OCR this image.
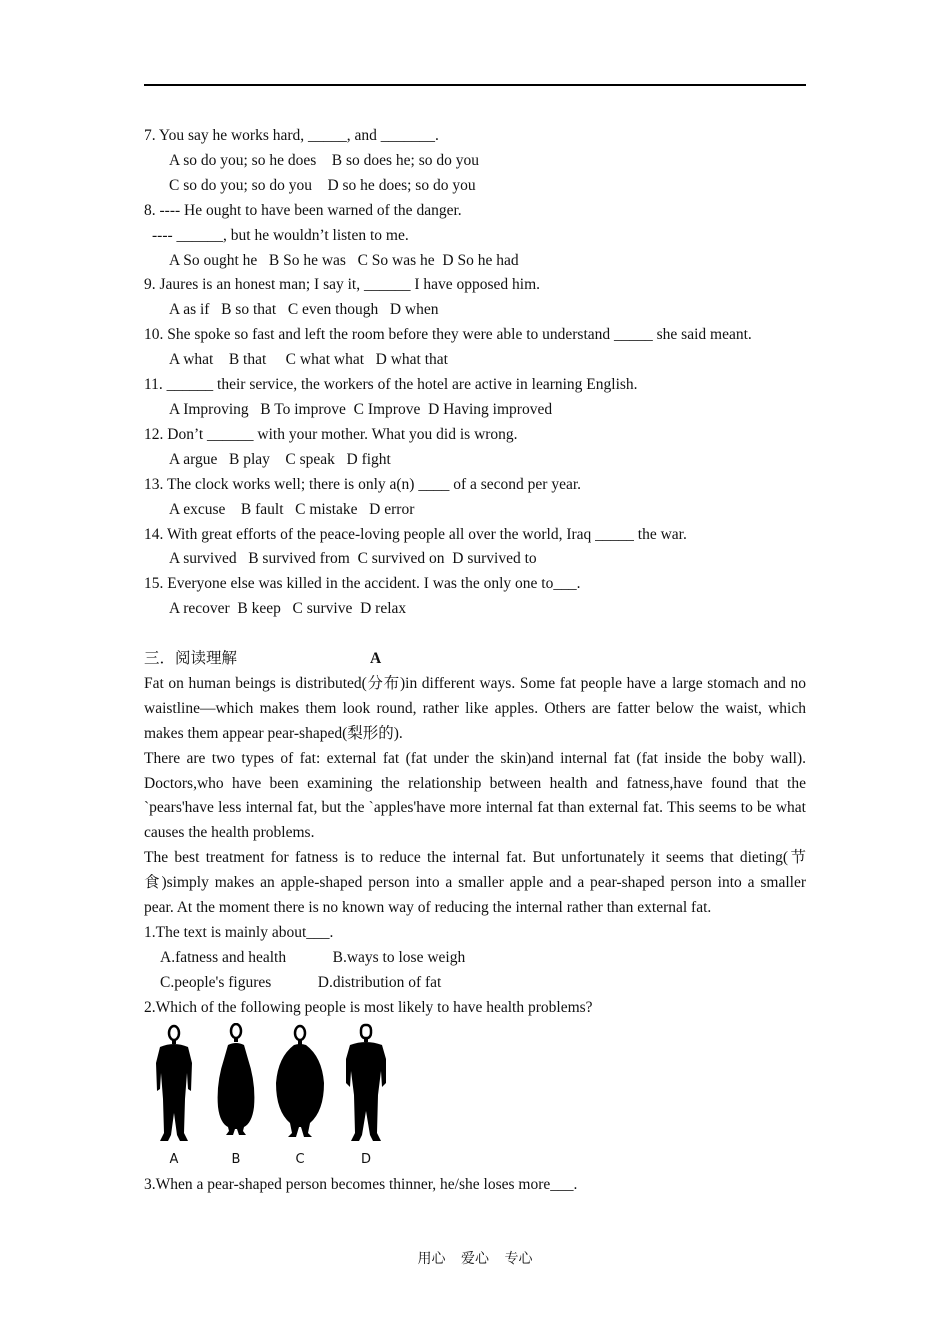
7. You say he works hard, _____, and _______.
A so do you; so he does    B so does he; so do you
C so do you; so do you    D so he does; so do you
8. ---- He ought to have been warned of the danger.
---- ______, but he wouldn’t listen to me.
A So ought he   B So he was   C So was he  D So he had
9. Jaures is an honest man; I say it, ______ I have opposed him.
A as if   B so that   C even though   D when
10. She spoke so fast and left the room before they were able to understand _____ she said meant.
A what    B that     C what what   D what that
11. ______ their service, the workers of the hotel are active in learning English.
A Improving   B To improve  C Improve  D Having improved
12. Don’t ______ with your mother. What you did is wrong.
A argue   B play    C speak   D fight
13. The clock works well; there is only a(n) ____ of a second per year.
A excuse    B fault   C mistake   D error
14. With great efforts of the peace-loving people all over the world, Iraq _____ the war.
A survived   B survived from  C survived on  D survived to
15. Everyone else was killed in the accident. I was the only one to___.
A recover  B keep   C survive  D relax
三．阅读理解	A
Fat on human beings is distributed(分布)in different ways. Some fat people have a large stomach and no waistline—which makes them look round, rather like apples. Others are fatter below the waist, which makes them appear pear-shaped(梨形的).
There are two types of fat: external fat (fat under the skin)and internal fat (fat inside the boby wall). Doctors,who have been examining the relationship between health and fatness,have found that the `pears'have less internal fat, but the `apples'have more internal fat than external fat. This seems to be what causes the health problems.
The best treatment for fatness is to reduce the internal fat. But unfortunately it seems that dieting(节食)simply makes an apple-shaped person into a smaller apple and a pear-shaped person into a smaller pear. At the moment there is no known way of reducing the internal rather than external fat.
1.The text is mainly about___.
A.fatness and health            B.ways to lose weigh
C.people's figures            D.distribution of fat
2.Which of the following people is most likely to have health problems?
A	B	C	D
3.When a pear-shaped person becomes thinner, he/she loses more___.
用心 爱心 专心
